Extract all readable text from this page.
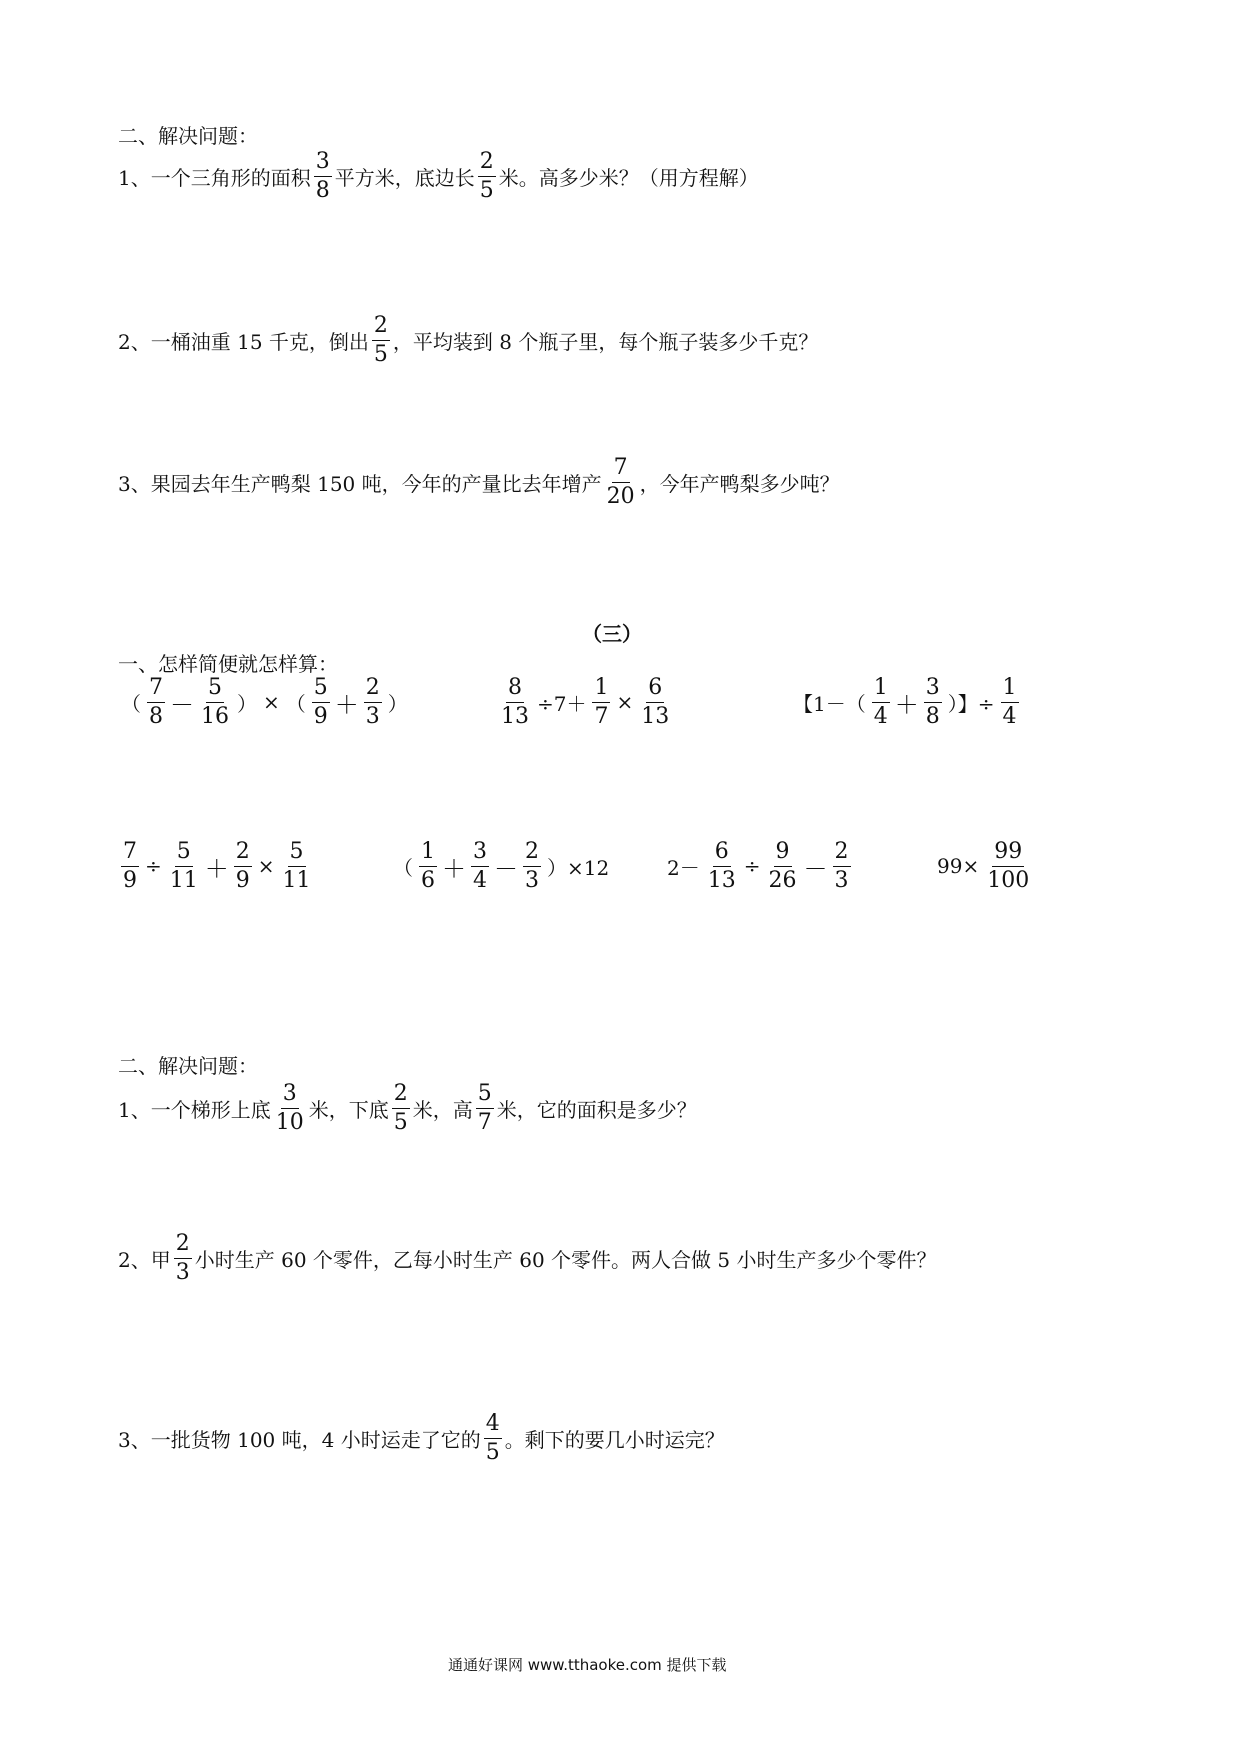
二、解决问题：
1、 一个三角形的面积 $\frac{3}{8}$ 平方米，底边长 $\frac{2}{5}$ 米。高多少米？（用方程解）
2、 一桶油重 15 千克，倒出 $\frac{2}{5}$ ，平均装到 8 个瓶子里，每个瓶子装多少千克？
3、 果园去年生产鸭梨 150 吨，今年的产量比去年增产 $\frac{7}{20}$ ，今年产鸭梨多少吨？
（三）
一、怎样简便就怎样算：
（ $\frac{7}{8} - \frac{5}{16}$ ） × （ $\frac{5}{9} + \frac{2}{3}$ ）	$\frac{8}{13} \div 7+ \frac{1}{7} \times \frac{6}{13}$	【$1-( \frac{1}{4} + \frac{3}{8}$ ）】÷ $\frac{1}{4}$
$\frac{7}{9} \div \frac{5}{11} + \frac{2}{9} \times \frac{5}{11}$	（ $\frac{1}{6} + \frac{3}{4} - \frac{2}{3} )\times 12$	$2- \frac{6}{13} \div \frac{9}{26} - \frac{2}{3}$	$99\times \frac{99}{100}$
二、解决问题：
1、 一个梯形上底 $\frac{3}{10}$ 米，下底 $\frac{2}{5}$ 米，高 $\frac{5}{7}$ 米，它的面积是多少？
2、 甲 $\frac{2}{3}$ 小时生产 60 个零件，乙每小时生产 60 个零件。两人合做 5 小时生产多少个零件？
3、 一批货物 100 吨，4 小时运走了它的 $\frac{4}{5}$ 。剩下的要几小时运完？
通通好课网 www.tthaoke.com 提供下载
